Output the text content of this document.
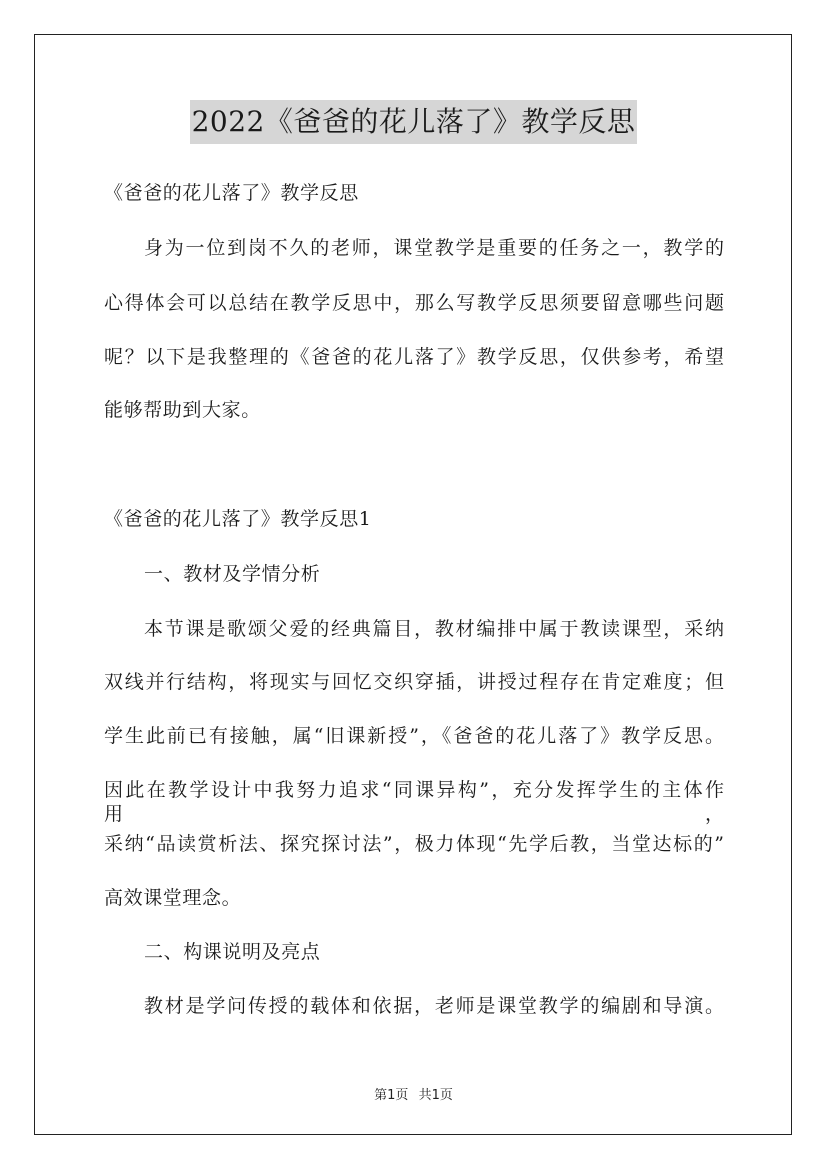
2022《爸爸的花儿落了》教学反思
《爸爸的花儿落了》教学反思
身为一位到岗不久的老师，课堂教学是重要的任务之一，教学的
心得体会可以总结在教学反思中，那么写教学反思须要留意哪些问题
呢？以下是我整理的《爸爸的花儿落了》教学反思，仅供参考，希望
能够帮助到大家。
《爸爸的花儿落了》教学反思1
一、教材及学情分析
本节课是歌颂父爱的经典篇目，教材编排中属于教读课型，采纳
双线并行结构，将现实与回忆交织穿插，讲授过程存在肯定难度；但
学生此前已有接触，属“旧课新授”，《爸爸的花儿落了》教学反思。
因此在教学设计中我努力追求“同课异构”，充分发挥学生的主体作用，
采纳“品读赏析法、探究探讨法”，极力体现“先学后教，当堂达标的”
高效课堂理念。
二、构课说明及亮点
教材是学问传授的载体和依据，老师是课堂教学的编剧和导演。
第1页 共1页
